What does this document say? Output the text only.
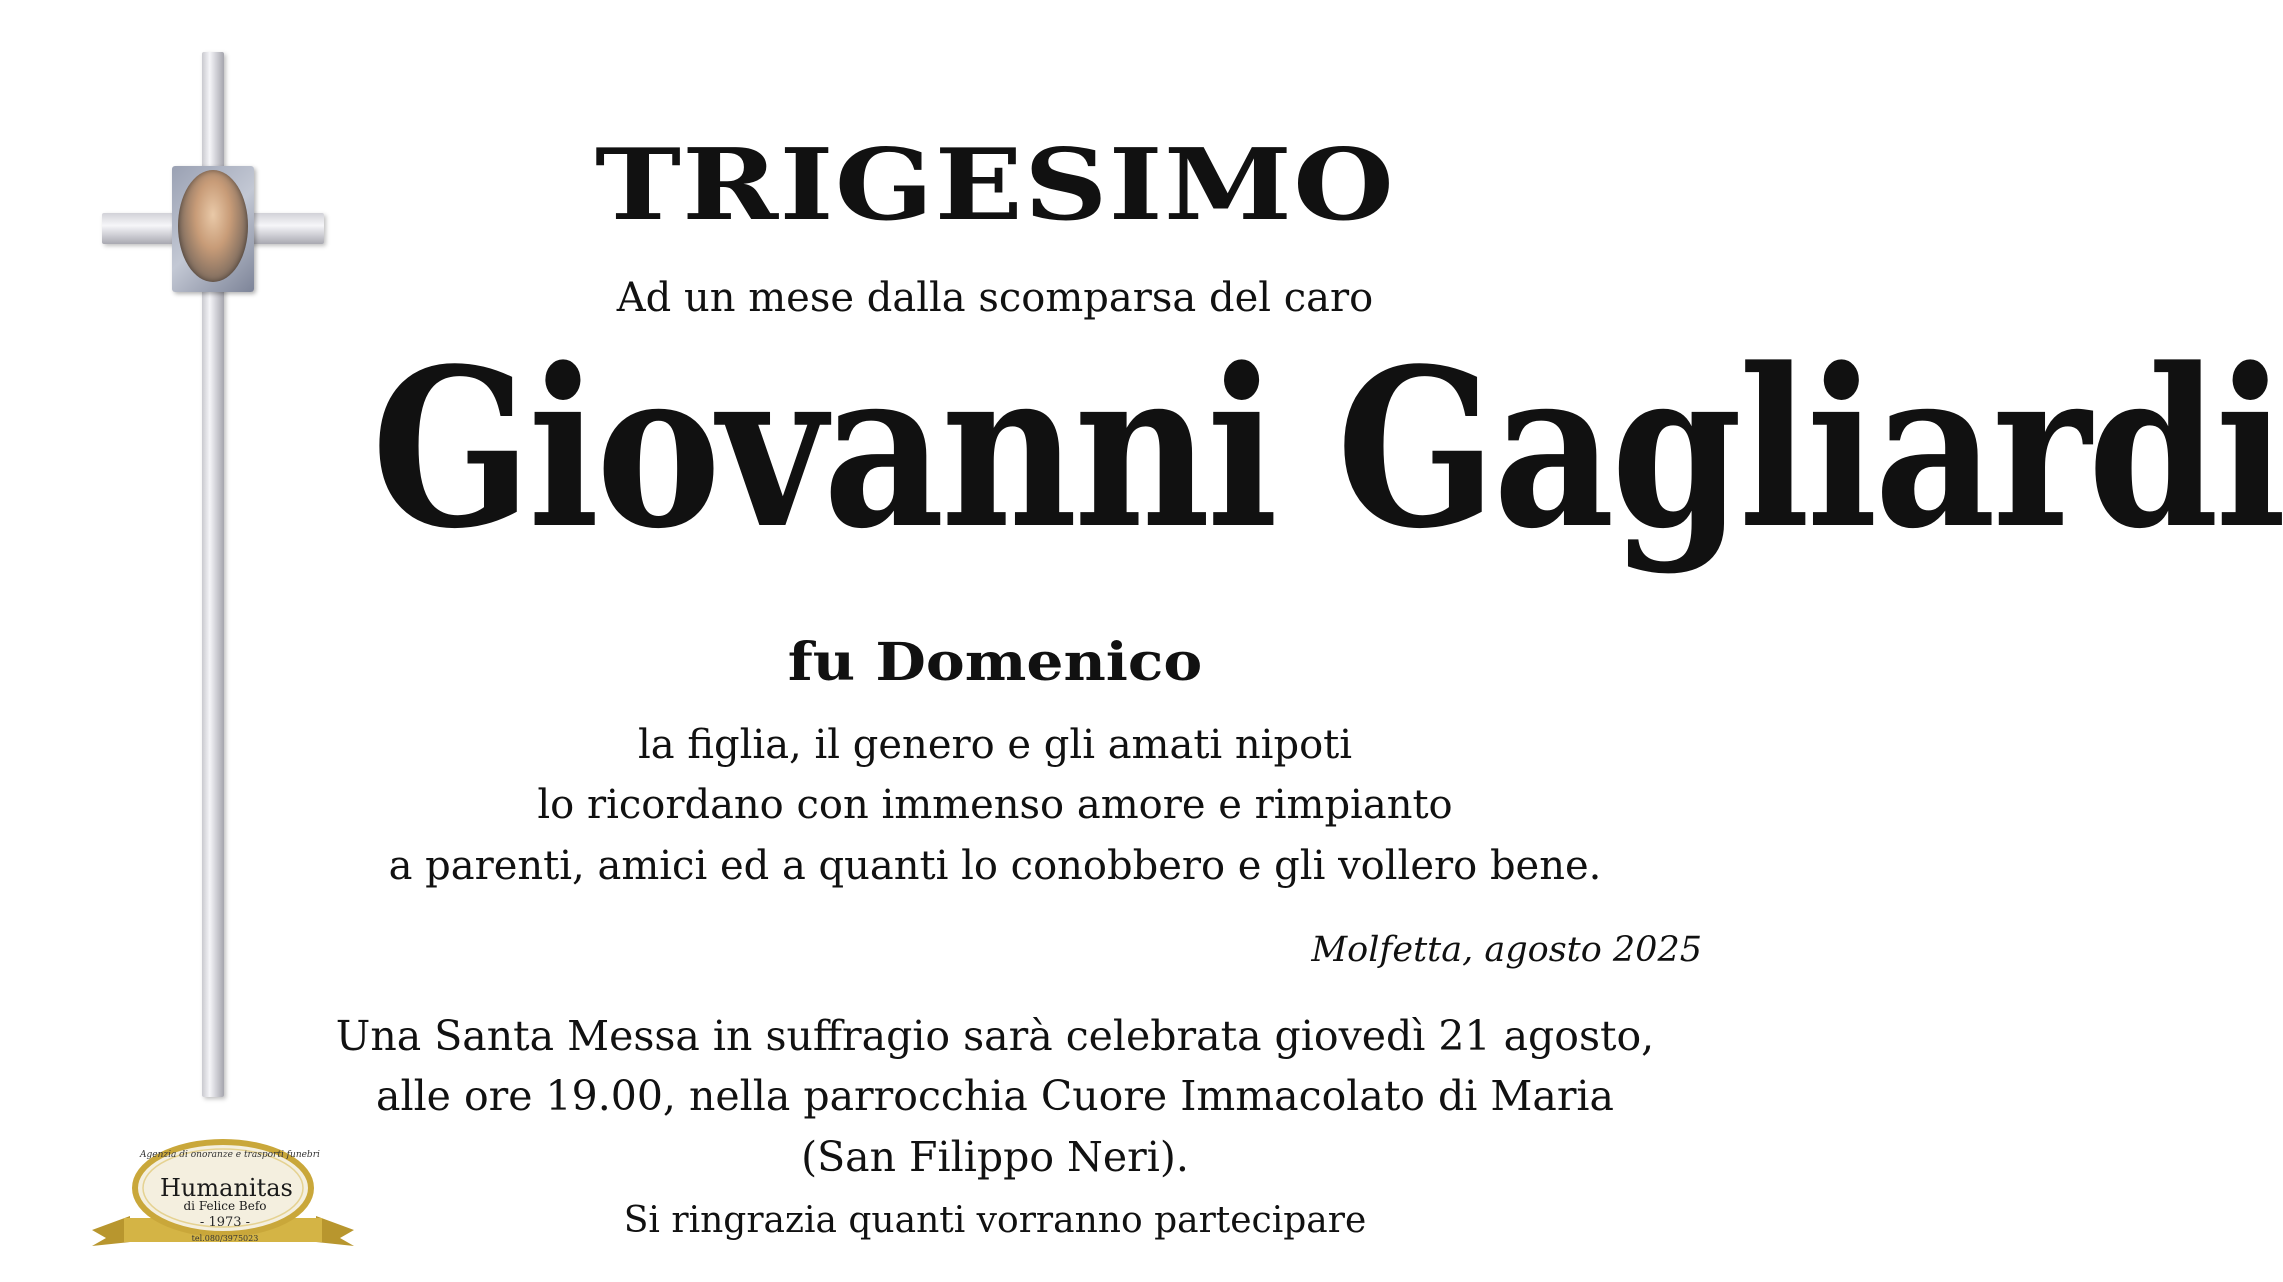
TRIGESIMO
Ad un mese dalla scomparsa del caro
Giovanni Gagliardi
fu Domenico
la figlia, il genero e gli amati nipoti
lo ricordano con immenso amore e rimpianto
a parenti, amici ed a quanti lo conobbero e gli vollero bene.
Molfetta, agosto 2025
Una Santa Messa in suffragio sarà celebrata giovedì 21 agosto,
alle ore 19.00, nella parrocchia Cuore Immacolato di Maria
(San Filippo Neri).
Si ringrazia quanti vorranno partecipare
Agenzia di onoranze e trasporti funebri
Humanitas
di Felice Befo
- 1973 -
tel.080/3975023
